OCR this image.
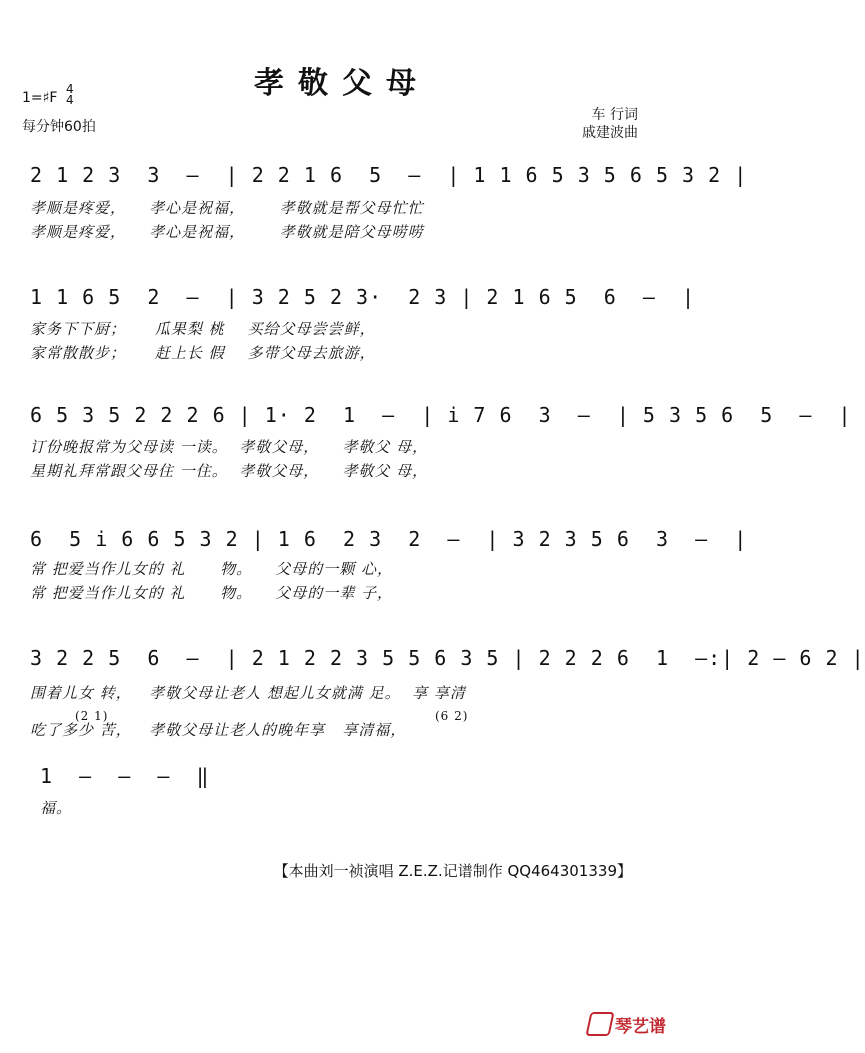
孝敬父母
1=♯F
4
4
每分钟60拍
车 行词
戚建波曲
2 1 2 3  3  –  | 2 2 1 6  5  –  | 1 1 6 5 3 5 6 5 3 2 |
孝顺是疼爱，    孝心是祝福，      孝敬就是帮父母忙忙
孝顺是疼爱，    孝心是祝福，      孝敬就是陪父母唠唠
1 1 6 5  2  –  | 3 2 5 2 3·  2 3 | 2 1 6 5  6  –  |
家务下下厨；     瓜果梨 桃    买给父母尝尝鲜，
家常散散步；     赶上长 假    多带父母去旅游，
6 5 3 5 2 2 2 6 | 1· 2  1  –  | i 7 6  3  –  | 5 3 5 6  5  –  |
订份晚报常为父母读 一读。  孝敬父母，    孝敬父 母，
星期礼拜常跟父母住 一住。  孝敬父母，    孝敬父 母，
6  5 i 6 6 5 3 2 | 1 6  2 3  2  –  | 3 2 3 5 6  3  –  |
常 把爱当作儿女的 礼      物。    父母的一颗 心，
常 把爱当作儿女的 礼      物。    父母的一辈 子，
3 2 2 5  6  –  | 2 1 2 2 3 5 5 6 3 5 | 2 2 2 6  1  –:| 2 – 6 2 |
围着儿女 转，   孝敬父母让老人 想起儿女就满 足。  享 享清
(2 1)	(6 2)
吃了多少 苦，   孝敬父母让老人的晚年享   享清福，
1  –  –  –  ‖
福。
【本曲刘一祯演唱 Z.E.Z.记谱制作 QQ464301339】
琴艺谱
